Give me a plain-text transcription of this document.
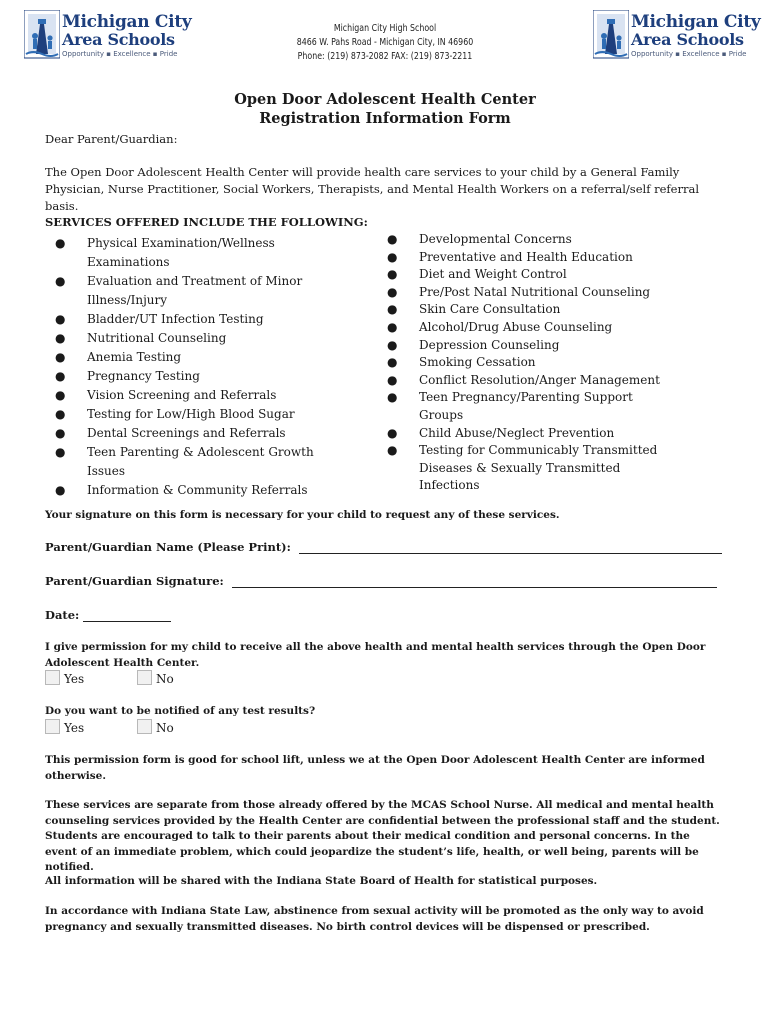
Michigan City
Area Schools
Opportunity ▪ Excellence ▪ Pride
Michigan City High School
8466 W. Pahs Road - Michigan City, IN 46960
Phone: (219) 873-2082 FAX: (219) 873-2211
Michigan City
Area Schools
Opportunity ▪ Excellence ▪ Pride
Open Door Adolescent Health Center
Registration Information Form

Dear Parent/Guardian:

The Open Door Adolescent Health Center will provide health care services to your child by a General Family Physician, Nurse Practitioner, Social Workers, Therapists, and Mental Health Workers on a referral/self referral basis.

SERVICES OFFERED INCLUDE THE FOLLOWING:

● Physical Examination/Wellness Examinations
● Evaluation and Treatment of Minor Illness/Injury
● Bladder/UT Infection Testing
● Nutritional Counseling
● Anemia Testing
● Pregnancy Testing
● Vision Screening and Referrals
● Testing for Low/High Blood Sugar
● Dental Screenings and Referrals
● Teen Parenting & Adolescent Growth Issues
● Information & Community Referrals
● Developmental Concerns
● Preventative and Health Education
● Diet and Weight Control
● Pre/Post Natal Nutritional Counseling
● Skin Care Consultation
● Alcohol/Drug Abuse Counseling
● Depression Counseling
● Smoking Cessation
● Conflict Resolution/Anger Management
● Teen Pregnancy/Parenting Support Groups
● Child Abuse/Neglect Prevention
● Testing for Communicably Transmitted Diseases & Sexually Transmitted Infections

Your signature on this form is necessary for your child to request any of these services.

Parent/Guardian Name (Please Print):
Parent/Guardian Signature:
Date:

I give permission for my child to receive all the above health and mental health services through the Open Door Adolescent Health Center.

Yes	No

Do you want to be notified of any test results?

Yes	No

This permission form is good for school lift, unless we at the Open Door Adolescent Health Center are informed otherwise.

These services are separate from those already offered by the MCAS School Nurse. All medical and mental health counseling services provided by the Health Center are confidential between the professional staff and the student. Students are encouraged to talk to their parents about their medical condition and personal concerns. In the event of an immediate problem, which could jeopardize the student’s life, health, or well being, parents will be notified.

All information will be shared with the Indiana State Board of Health for statistical purposes.

In accordance with Indiana State Law, abstinence from sexual activity will be promoted as the only way to avoid pregnancy and sexually transmitted diseases. No birth control devices will be dispensed or prescribed.
